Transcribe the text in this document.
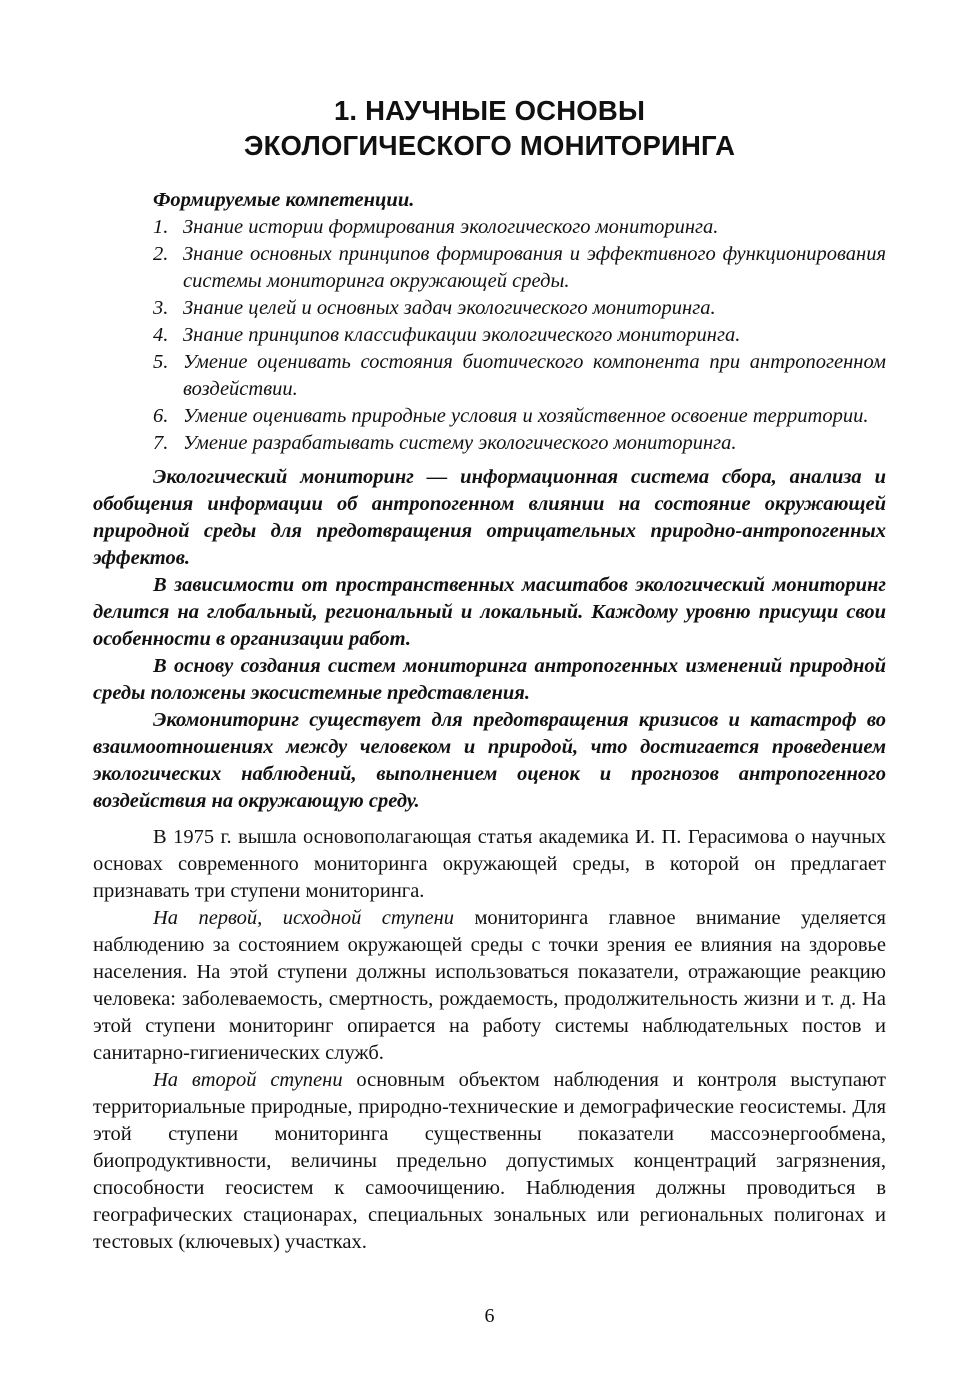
1. НАУЧНЫЕ ОСНОВЫ
ЭКОЛОГИЧЕСКОГО МОНИТОРИНГА
Формируемые компетенции.
1. Знание истории формирования экологического мониторинга.
2. Знание основных принципов формирования и эффективного функционирования системы мониторинга окружающей среды.
3. Знание целей и основных задач экологического мониторинга.
4. Знание принципов классификации экологического мониторинга.
5. Умение оценивать состояния биотического компонента при антропогенном воздействии.
6. Умение оценивать природные условия и хозяйственное освоение территории.
7. Умение разрабатывать систему экологического мониторинга.

Экологический мониторинг — информационная система сбора, анализа и обобщения информации об антропогенном влиянии на состояние окружающей природной среды для предотвращения отрицательных природно-антропогенных эффектов.

В зависимости от пространственных масштабов экологический мониторинг делится на глобальный, региональный и локальный. Каждому уровню присущи свои особенности в организации работ.

В основу создания систем мониторинга антропогенных изменений природной среды положены экосистемные представления.

Экомониторинг существует для предотвращения кризисов и катастроф во взаимоотношениях между человеком и природой, что достигается проведением экологических наблюдений, выполнением оценок и прогнозов антропогенного воздействия на окружающую среду.

В 1975 г. вышла основополагающая статья академика И. П. Герасимова о научных основах современного мониторинга окружающей среды, в которой он предлагает признавать три ступени мониторинга.

На первой, исходной ступени мониторинга главное внимание уделяется наблюдению за состоянием окружающей среды с точки зрения ее влияния на здоровье населения. На этой ступени должны использоваться показатели, отражающие реакцию человека: заболеваемость, смертность, рождаемость, продолжительность жизни и т. д. На этой ступени мониторинг опирается на работу системы наблюдательных постов и санитарно-гигиенических служб.

На второй ступени основным объектом наблюдения и контроля выступают территориальные природные, природно-технические и демографические геосистемы. Для этой ступени мониторинга существенны показатели массоэнергообмена, биопродуктивности, величины предельно допустимых концентраций загрязнения, способности геосистем к самоочищению. Наблюдения должны проводиться в географических стационарах, специальных зональных или региональных полигонах и тестовых (ключевых) участках.

6
